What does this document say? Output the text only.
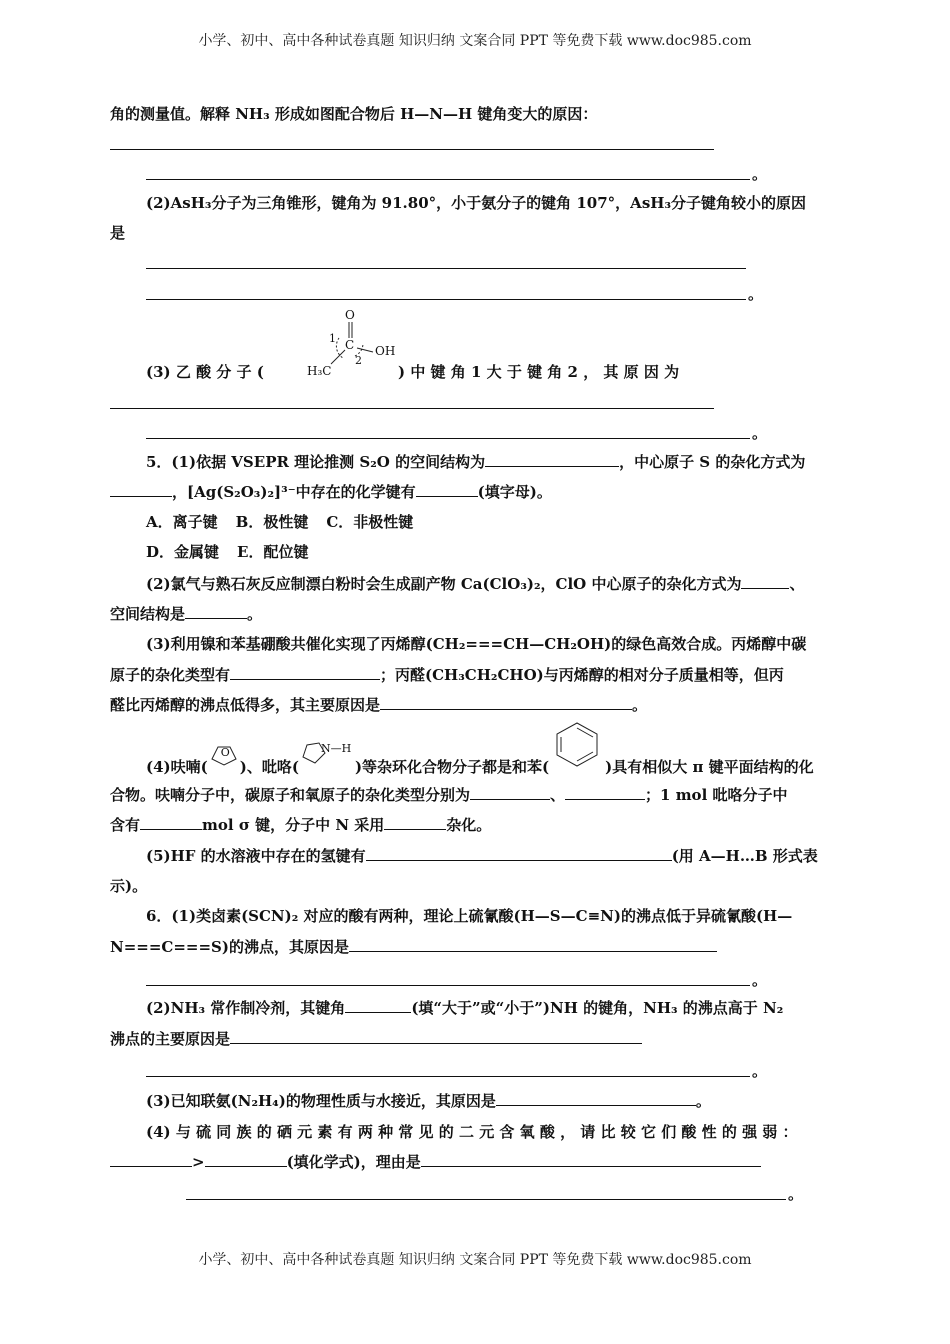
小学、初中、高中各种试卷真题 知识归纳 文案合同 PPT 等免费下载 www.doc985.com
角的测量值。解释 NH₃ 形成如图配合物后 H—N—H 键角变大的原因：
。
(2)AsH₃分子为三角锥形，键角为 91.80°，小于氨分子的键角 107°，AsH₃分子键角较小的原因
是
。
O
C
1
2
OH
H₃C
(3) 乙 酸 分 子 (	) 中 键 角 1 大 于 键 角 2 ， 其 原 因 为
。
5．(1)依据 VSEPR 理论推测 S₂O 的空间结构为	，中心原子 S 的杂化方式为
，[Ag(S₂O₃)₂]³⁻中存在的化学键有	(填字母)。
A．离子键 B．极性键 C．非极性键
D．金属键 E．配位键
(2)氯气与熟石灰反应制漂白粉时会生成副产物 Ca(ClO₃)₂，ClO 中心原子的杂化方式为	、
空间结构是	。
(3)利用镍和苯基硼酸共催化实现了丙烯醇(CH₂===CH—CH₂OH)的绿色高效合成。丙烯醇中碳
原子的杂化类型有	；丙醛(CH₃CH₂CHO)与丙烯醇的相对分子质量相等，但丙
醛比丙烯醇的沸点低得多，其主要原因是	。
(4)呋喃(
O
)、吡咯(
N—H
)等杂环化合物分子都是和苯(	)具有相似大 π 键平面结构的化
合物。呋喃分子中，碳原子和氧原子的杂化类型分别为	、	；1 mol 吡咯分子中
含有	mol σ 键，分子中 N 采用	杂化。
(5)HF 的水溶液中存在的氢键有	(用 A—H…B 形式表
示)。
6．(1)类卤素(SCN)₂ 对应的酸有两种，理论上硫氰酸(H—S—C≡N)的沸点低于异硫氰酸(H—
N===C===S)的沸点，其原因是
。
(2)NH₃ 常作制冷剂，其键角	(填“大于”或“小于”)NH 的键角，NH₃ 的沸点高于 N₂
沸点的主要原因是
。
(3)已知联氨(N₂H₄)的物理性质与水接近，其原因是	。
(4) 与 硫 同 族 的 硒 元 素 有 两 种 常 见 的 二 元 含 氧 酸 ， 请 比 较 它 们 酸 性 的 强 弱 ：
>	(填化学式)，理由是
。
小学、初中、高中各种试卷真题 知识归纳 文案合同 PPT 等免费下载 www.doc985.com
